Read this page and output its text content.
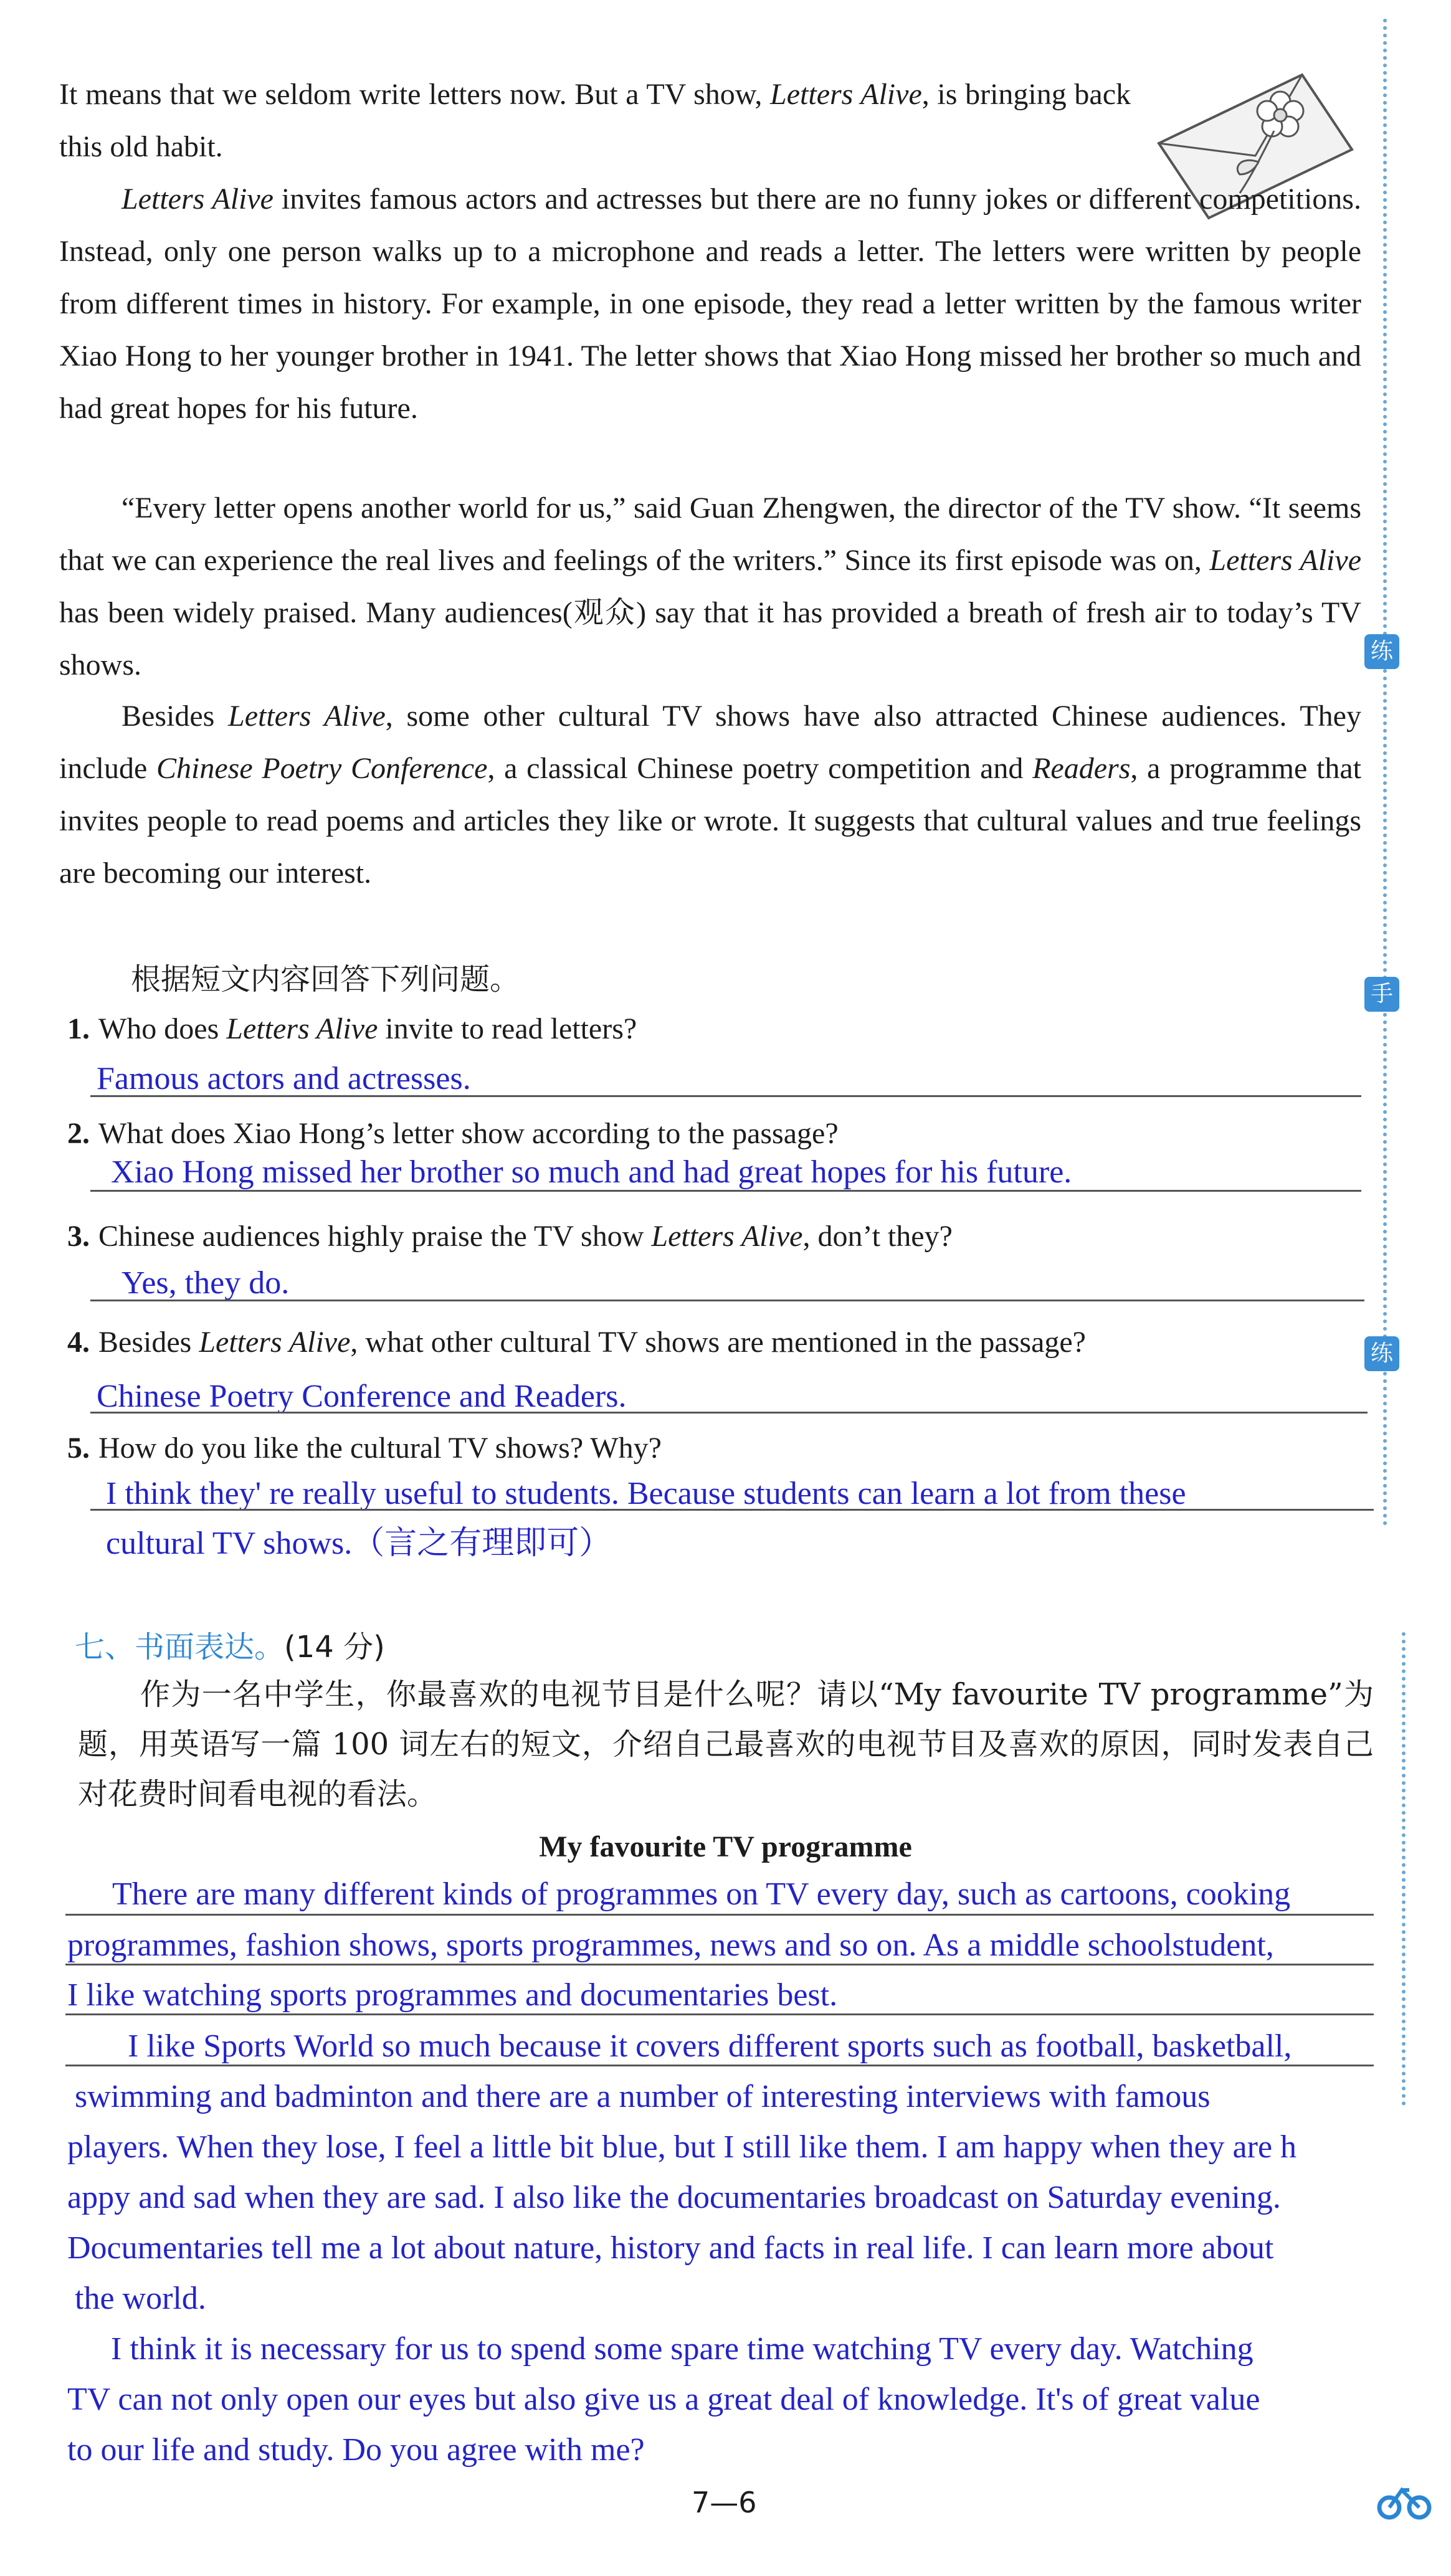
练
手
练
It means that we seldom write letters now. But a TV show, Letters Alive, is bringing back this old habit.
Letters Alive invites famous actors and actresses but there are no funny jokes or different competitions. Instead, only one person walks up to a microphone and reads a letter. The letters were written by people from different times in history. For example, in one episode, they read a letter written by the famous writer Xiao Hong to her younger brother in 1941. The letter shows that Xiao Hong missed her brother so much and had great hopes for his future.
“Every letter opens another world for us,” said Guan Zhengwen, the director of the TV show. “It seems that we can experience the real lives and feelings of the writers.” Since its first episode was on, Letters Alive has been widely praised. Many audiences(观众) say that it has provided a breath of fresh air to today’s TV shows.
Besides Letters Alive, some other cultural TV shows have also attracted Chinese audiences. They include Chinese Poetry Conference, a classical Chinese poetry competition and Readers, a programme that invites people to read poems and articles they like or wrote. It suggests that cultural values and true feelings are becoming our interest.
根据短文内容回答下列问题。
1. Who does Letters Alive invite to read letters?
Famous actors and actresses.
2. What does Xiao Hong’s letter show according to the passage?
Xiao Hong missed her brother so much and had great hopes for his future.
3. Chinese audiences highly praise the TV show Letters Alive, don’t they?
Yes, they do.
4. Besides Letters Alive, what other cultural TV shows are mentioned in the passage?
Chinese Poetry Conference and Readers.
5. How do you like the cultural TV shows? Why?
I think they' re really useful to students. Because students can learn a lot from these
cultural TV shows.（言之有理即可）
七、书面表达。(14 分)
作为一名中学生，你最喜欢的电视节目是什么呢？请以“My favourite TV programme”为题，用英语写一篇 100 词左右的短文，介绍自己最喜欢的电视节目及喜欢的原因，同时发表自己对花费时间看电视的看法。
My favourite TV programme
There are many different kinds of programmes on TV every day, such as cartoons, cooking
programmes, fashion shows, sports programmes, news and so on. As a middle schoolstudent,
I like watching sports programmes and documentaries best.
I like Sports World so much because it covers different sports such as football, basketball,
swimming and badminton and there are a number of interesting interviews with famous
players. When they lose, I feel a little bit blue, but I still like them. I am happy when they are h
appy and sad when they are sad. I also like the documentaries broadcast on Saturday evening.
Documentaries tell me a lot about nature, history and facts in real life. I can learn more about
the world.
I think it is necessary for us to spend some spare time watching TV every day. Watching
TV can not only open our eyes but also give us a great deal of knowledge. It's of great value
to our life and study. Do you agree with me?
7—6
